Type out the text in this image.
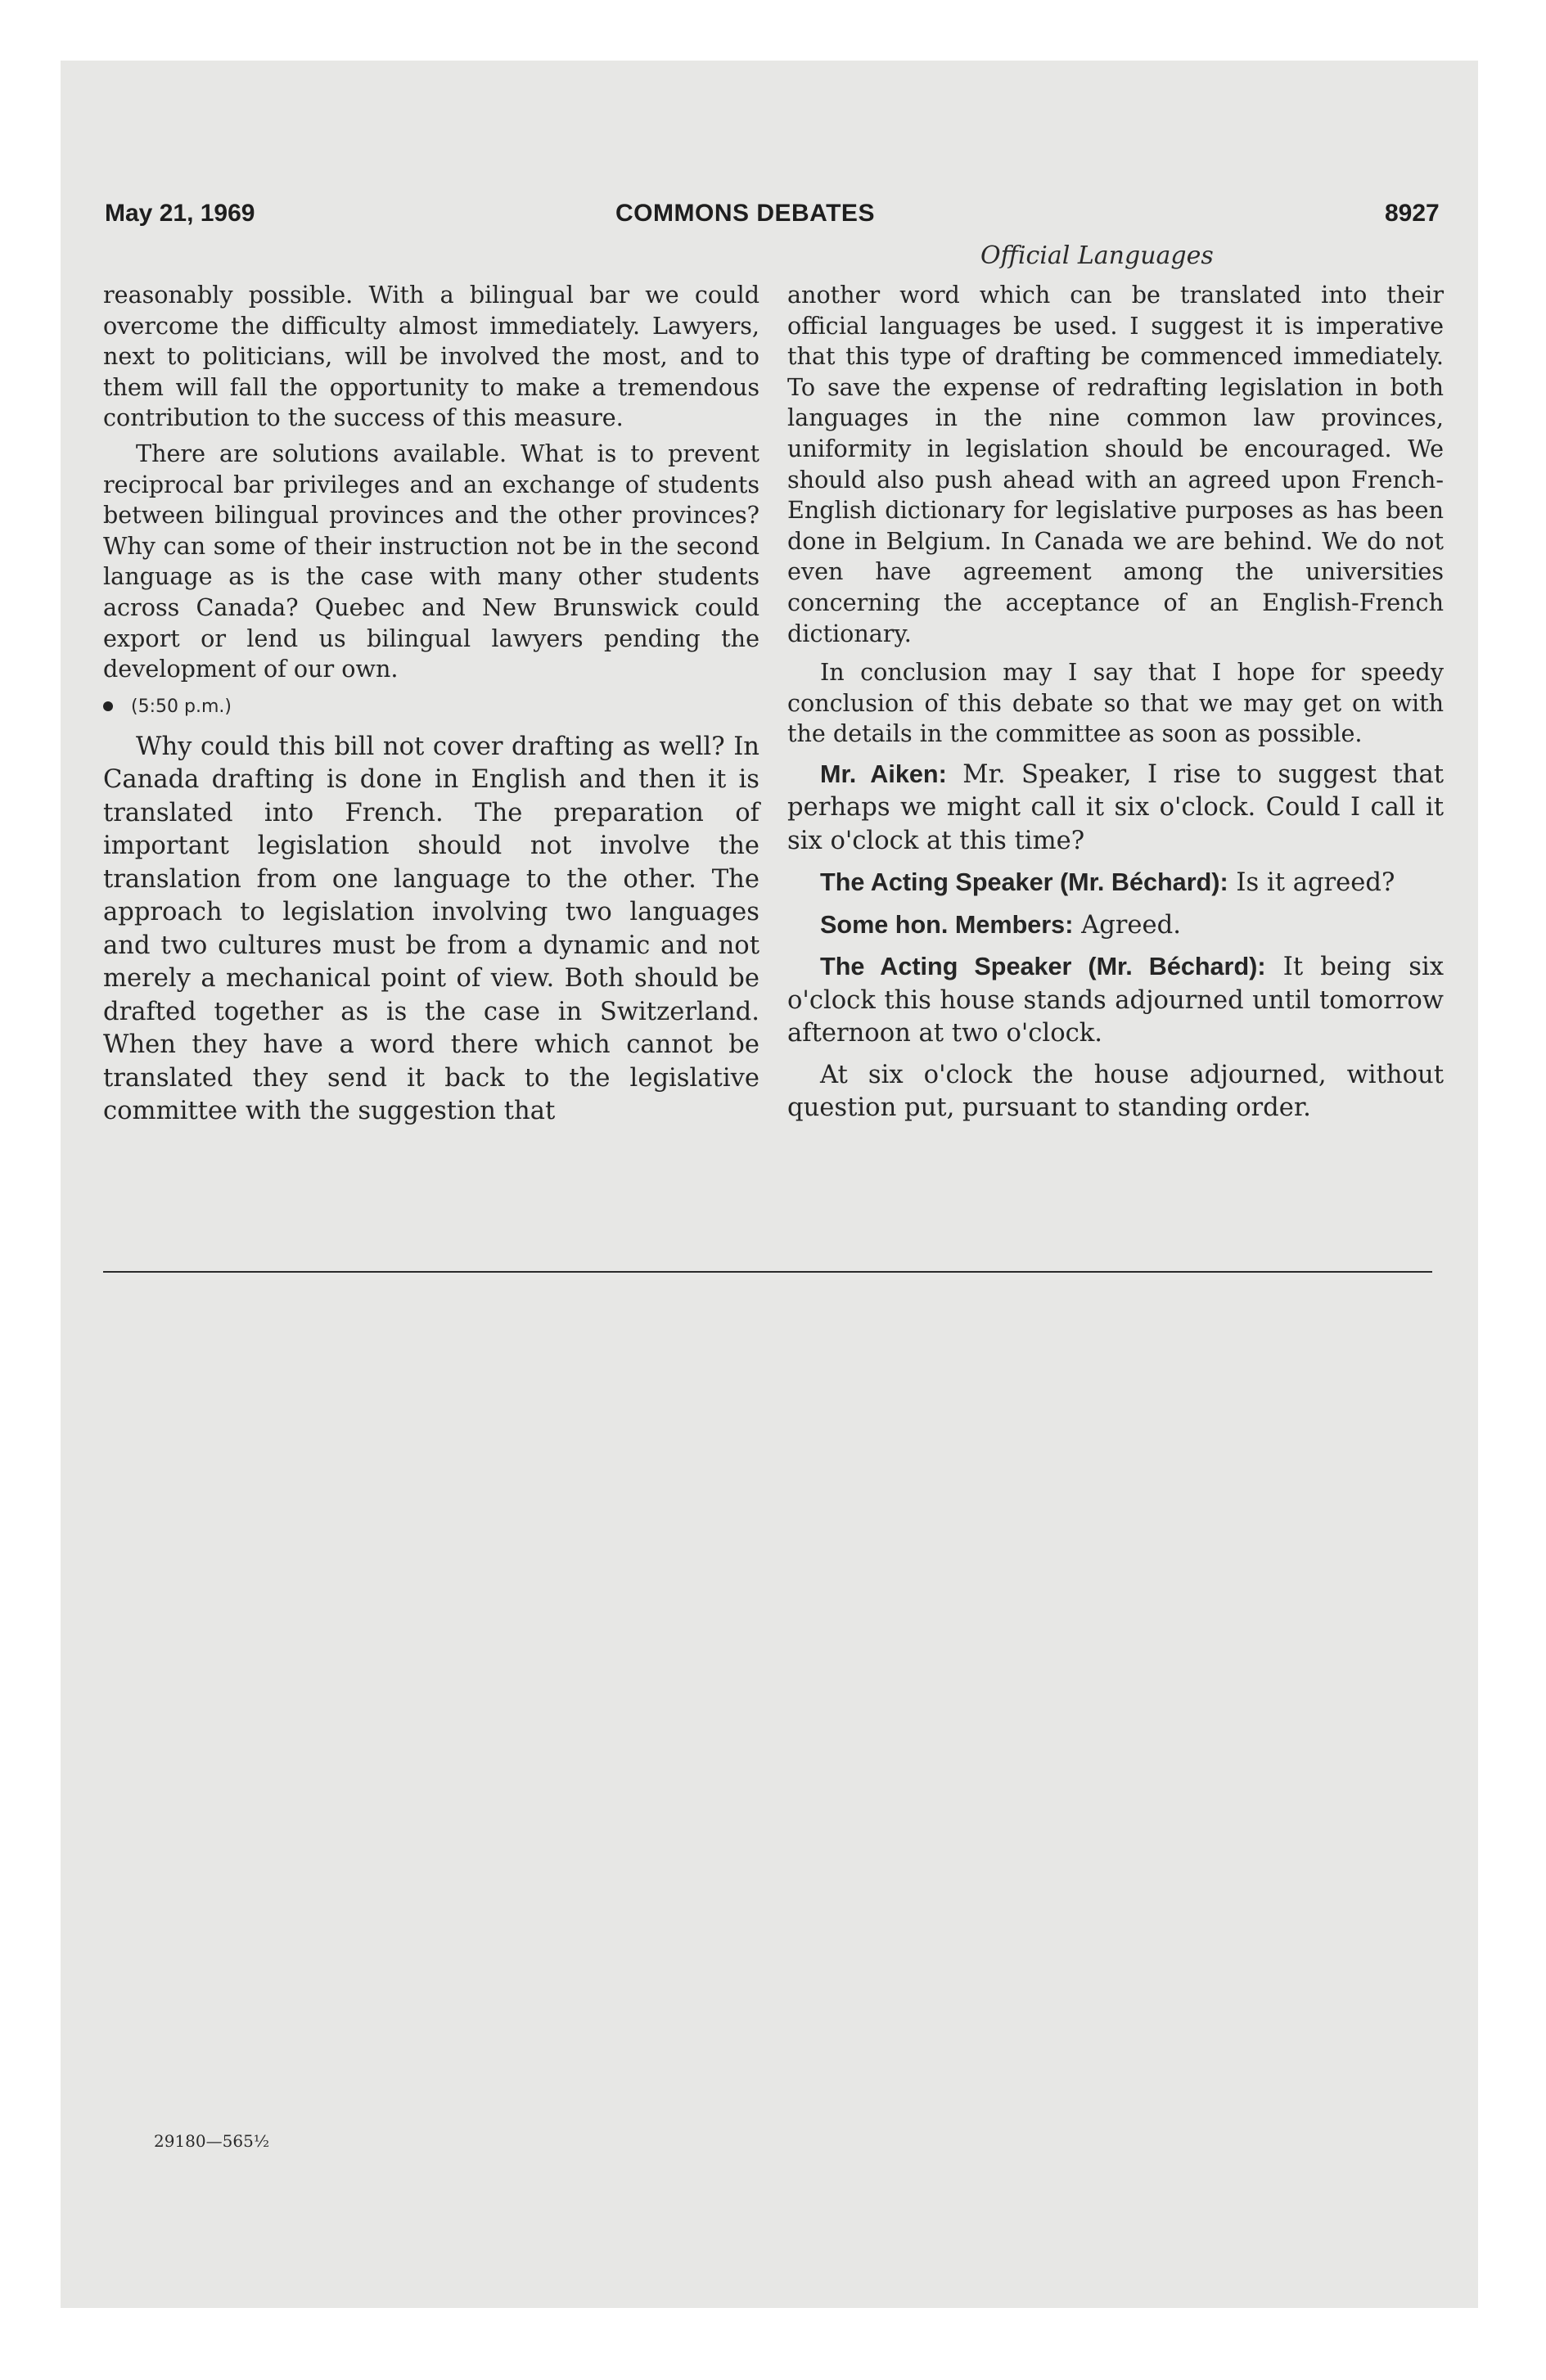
May 21, 1969	COMMONS DEBATES	8927
Official Languages

reasonably possible. With a bilingual bar we could overcome the difficulty almost immediately. Lawyers, next to politicians, will be involved the most, and to them will fall the opportunity to make a tremendous contribution to the success of this measure.

There are solutions available. What is to prevent reciprocal bar privileges and an exchange of students between bilingual provinces and the other provinces? Why can some of their instruction not be in the second language as is the case with many other students across Canada? Quebec and New Brunswick could export or lend us bilingual lawyers pending the development of our own.

(5:50 p.m.)

Why could this bill not cover drafting as well? In Canada drafting is done in English and then it is translated into French. The preparation of important legislation should not involve the translation from one language to the other. The approach to legislation involving two languages and two cultures must be from a dynamic and not merely a mechanical point of view. Both should be drafted together as is the case in Switzerland. When they have a word there which cannot be translated they send it back to the legislative committee with the suggestion that

another word which can be translated into their official languages be used. I suggest it is imperative that this type of drafting be commenced immediately. To save the expense of redrafting legislation in both languages in the nine common law provinces, uniformity in legislation should be encouraged. We should also push ahead with an agreed upon French-English dictionary for legislative purposes as has been done in Belgium. In Canada we are behind. We do not even have agreement among the universities concerning the acceptance of an English-French dictionary.

In conclusion may I say that I hope for speedy conclusion of this debate so that we may get on with the details in the committee as soon as possible.

Mr. Aiken: Mr. Speaker, I rise to suggest that perhaps we might call it six o'clock. Could I call it six o'clock at this time?

The Acting Speaker (Mr. Béchard): Is it agreed?

Some hon. Members: Agreed.

The Acting Speaker (Mr. Béchard): It being six o'clock this house stands adjourned until tomorrow afternoon at two o'clock.

At six o'clock the house adjourned, without question put, pursuant to standing order.

29180—565½
